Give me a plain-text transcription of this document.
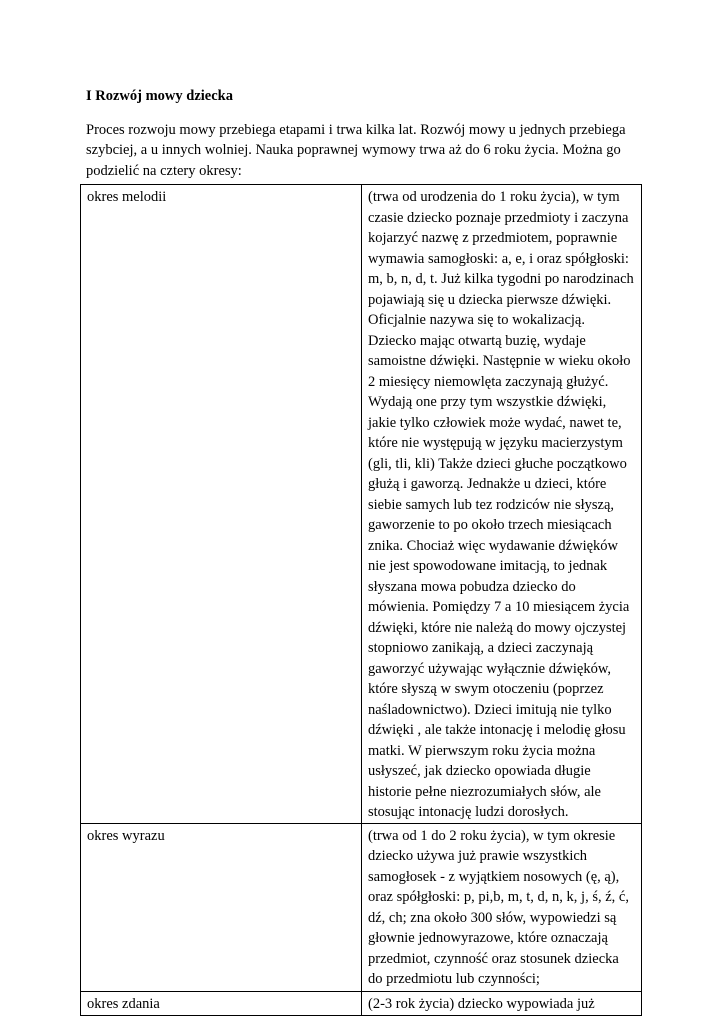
I Rozwój mowy dziecka

Proces rozwoju mowy przebiega etapami i trwa kilka lat. Rozwój mowy u jednych przebiega szybciej, a u innych wolniej. Nauka poprawnej wymowy trwa aż do 6 roku życia. Można go podzielić na cztery okresy:

okres melodii	(trwa od urodzenia do 1 roku życia), w tym czasie dziecko poznaje przedmioty i zaczyna kojarzyć nazwę z przedmiotem, poprawnie wymawia samogłoski: a, e, i oraz spółgłoski: m, b, n, d, t. Już kilka tygodni po narodzinach pojawiają się u dziecka pierwsze dźwięki. Oficjalnie nazywa się to wokalizacją. Dziecko mając otwartą buzię, wydaje samoistne dźwięki. Następnie w wieku około 2 miesięcy niemowlęta zaczynają głużyć. Wydają one przy tym wszystkie dźwięki, jakie tylko człowiek może wydać, nawet te, które nie występują w języku macierzystym (gli, tli, kli) Także dzieci głuche początkowo głużą i gaworzą. Jednakże u dzieci, które siebie samych lub tez rodziców nie słyszą, gaworzenie to po około trzech miesiącach znika. Chociaż więc wydawanie dźwięków nie jest spowodowane imitacją, to jednak słyszana mowa pobudza dziecko do mówienia. Pomiędzy 7 a 10 miesiącem życia dźwięki, które nie należą do mowy ojczystej stopniowo zanikają, a dzieci zaczynają gaworzyć używając wyłącznie dźwięków, które słyszą w swym otoczeniu (poprzez naśladownictwo). Dzieci imitują nie tylko dźwięki , ale także intonację i melodię głosu matki. W pierwszym roku życia można usłyszeć, jak dziecko opowiada długie historie pełne niezrozumiałych słów, ale stosując intonację ludzi dorosłych.
okres wyrazu	(trwa od 1 do 2 roku życia), w tym okresie dziecko używa już prawie wszystkich samogłosek - z wyjątkiem nosowych (ę, ą), oraz spółgłoski: p, pi,b, m, t, d, n, k, j, ś, ź, ć, dź, ch; zna około 300 słów, wypowiedzi są głownie jednowyrazowe, które oznaczają przedmiot, czynność oraz stosunek dziecka do przedmiotu lub czynności;
okres zdania	(2-3 rok życia) dziecko wypowiada już
